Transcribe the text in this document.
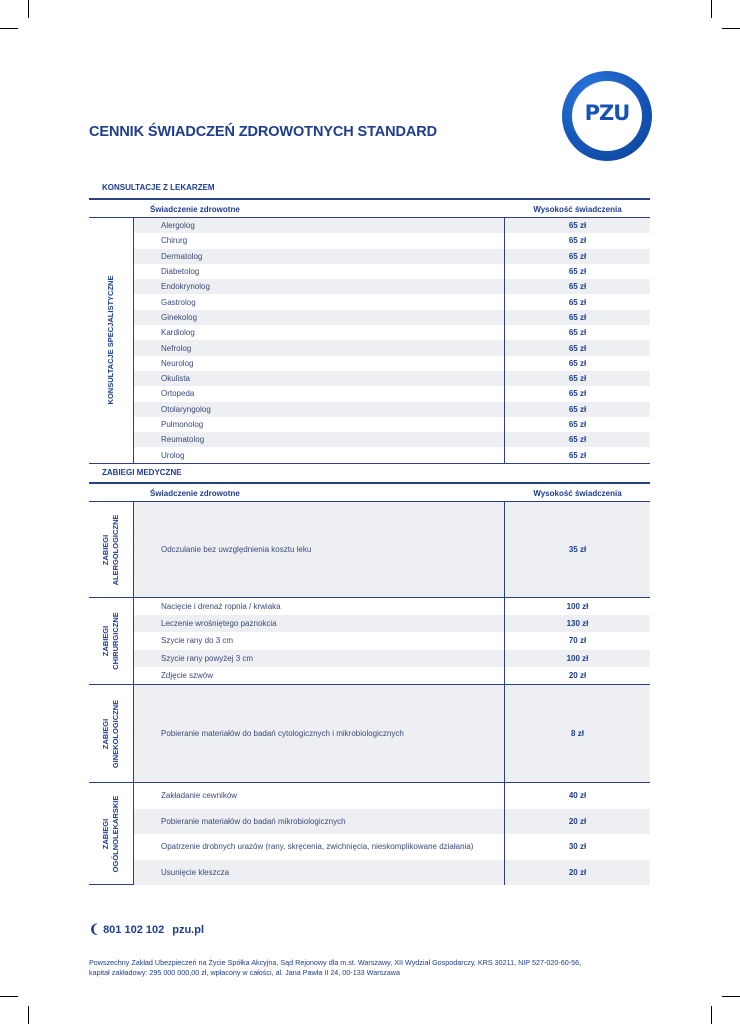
CENNIK ŚWIADCZEŃ ZDROWOTNYCH STANDARD
PZU
KONSULTACJE Z LEKARZEM
Świadczenie zdrowotne	Wysokość świadczenia
KONSULTACJE SPECJALISTYCZNE
Alergolog	65 zł
Chirurg	65 zł
Dermatolog	65 zł
Diabetolog	65 zł
Endokrynolog	65 zł
Gastrolog	65 zł
Ginekolog	65 zł
Kardiolog	65 zł
Nefrolog	65 zł
Neurolog	65 zł
Okulista	65 zł
Ortopeda	65 zł
Otolaryngolog	65 zł
Pulmonolog	65 zł
Reumatolog	65 zł
Urolog	65 zł
ZABIEGI MEDYCZNE
Świadczenie zdrowotne	Wysokość świadczenia
ZABIEGI
ALERGOLOGICZNE	Odczulanie bez uwzględnienia kosztu leku	35 zł
ZABIEGI
CHIRURGICZNE
Nacięcie i drenaż ropnia / krwiaka	100 zł
Leczenie wrośniętego paznokcia	130 zł
Szycie rany do 3 cm	70 zł
Szycie rany powyżej 3 cm	100 zł
Zdjęcie szwów	20 zł
ZABIEGI
GINEKOLOGICZNE	Pobieranie materiałów do badań cytologicznych i mikrobiologicznych	8 zł
ZABIEGI
OGÓLNOLEKARSKIE	Zakładanie cewników	40 zł
Pobieranie materiałów do badań mikrobiologicznych	20 zł
Opatrzenie drobnych urazów (rany, skręcenia, zwichnięcia, nieskomplikowane działania)	30 zł
Usunięcie kleszcza	20 zł
❨ 801 102 102 pzu.pl
Powszechny Zakład Ubezpieczeń na Życie Spółka Akcyjna, Sąd Rejonowy dla m.st. Warszawy, XII Wydział Gospodarczy, KRS 30211, NIP 527-020-60-56,
kapitał zakładowy: 295 000 000,00 zł, wpłacony w całości, al. Jana Pawła II 24, 00-133 Warszawa
